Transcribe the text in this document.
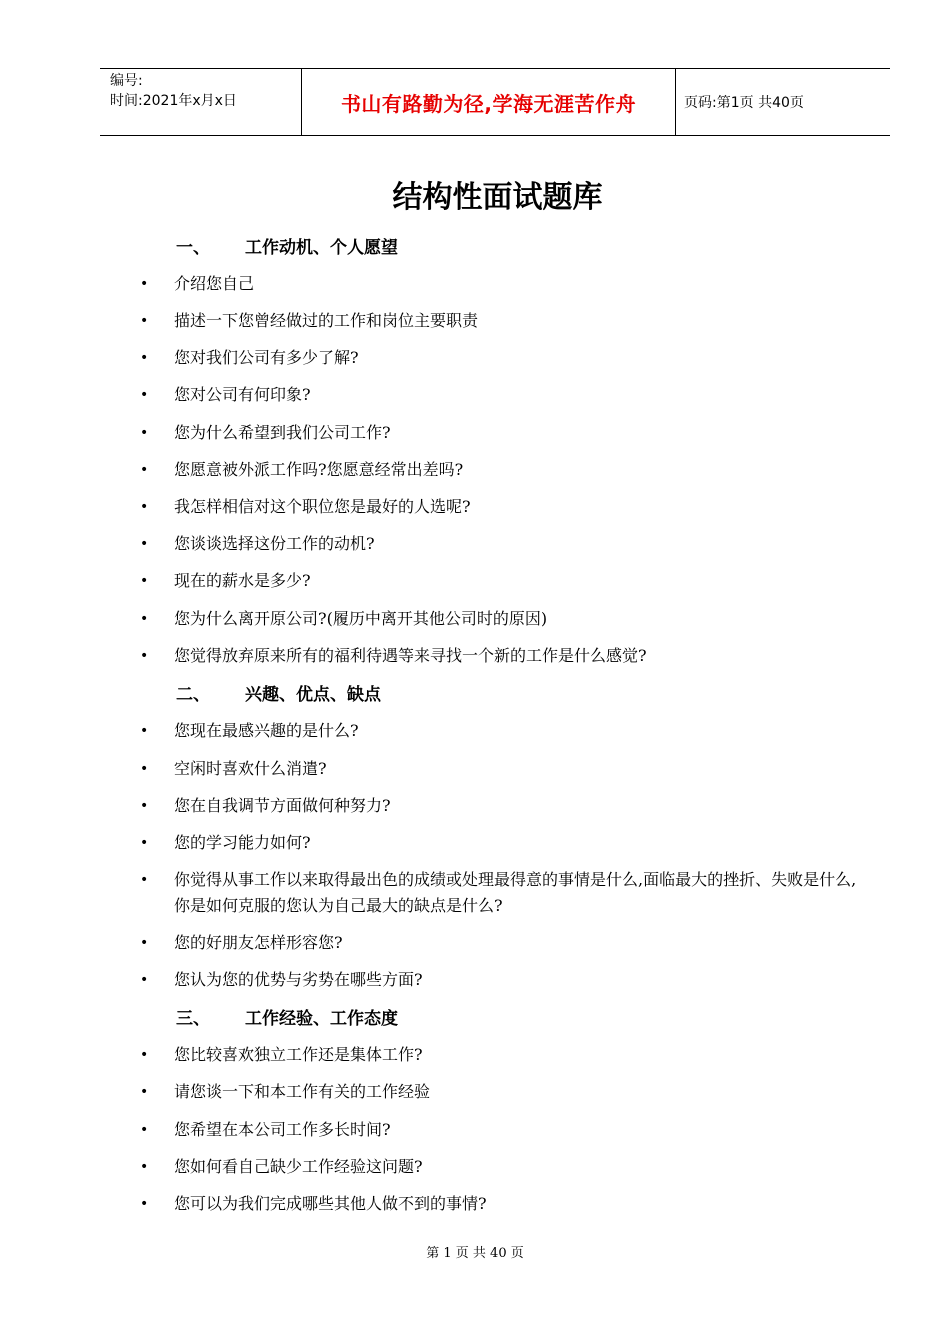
编号:
时间:2021年x月x日	书山有路勤为径,学海无涯苦作舟	页码:第1页 共40页
结构性面试题库
一、	工作动机、个人愿望
• 介绍您自己
• 描述一下您曾经做过的工作和岗位主要职责
• 您对我们公司有多少了解?
• 您对公司有何印象?
• 您为什么希望到我们公司工作?
• 您愿意被外派工作吗?您愿意经常出差吗?
• 我怎样相信对这个职位您是最好的人选呢?
• 您谈谈选择这份工作的动机?
• 现在的薪水是多少?
• 您为什么离开原公司?(履历中离开其他公司时的原因)
• 您觉得放弃原来所有的福利待遇等来寻找一个新的工作是什么感觉?
二、	兴趣、优点、缺点
• 您现在最感兴趣的是什么?
• 空闲时喜欢什么消遣?
• 您在自我调节方面做何种努力?
• 您的学习能力如何?
• 你觉得从事工作以来取得最出色的成绩或处理最得意的事情是什么,面临最大的挫折、失败是什么,你是如何克服的您认为自己最大的缺点是什么?
• 您的好朋友怎样形容您?
• 您认为您的优势与劣势在哪些方面?
三、	工作经验、工作态度
• 您比较喜欢独立工作还是集体工作?
• 请您谈一下和本工作有关的工作经验
• 您希望在本公司工作多长时间?
• 您如何看自己缺少工作经验这问题?
• 您可以为我们完成哪些其他人做不到的事情?
第 1 页 共 40 页
